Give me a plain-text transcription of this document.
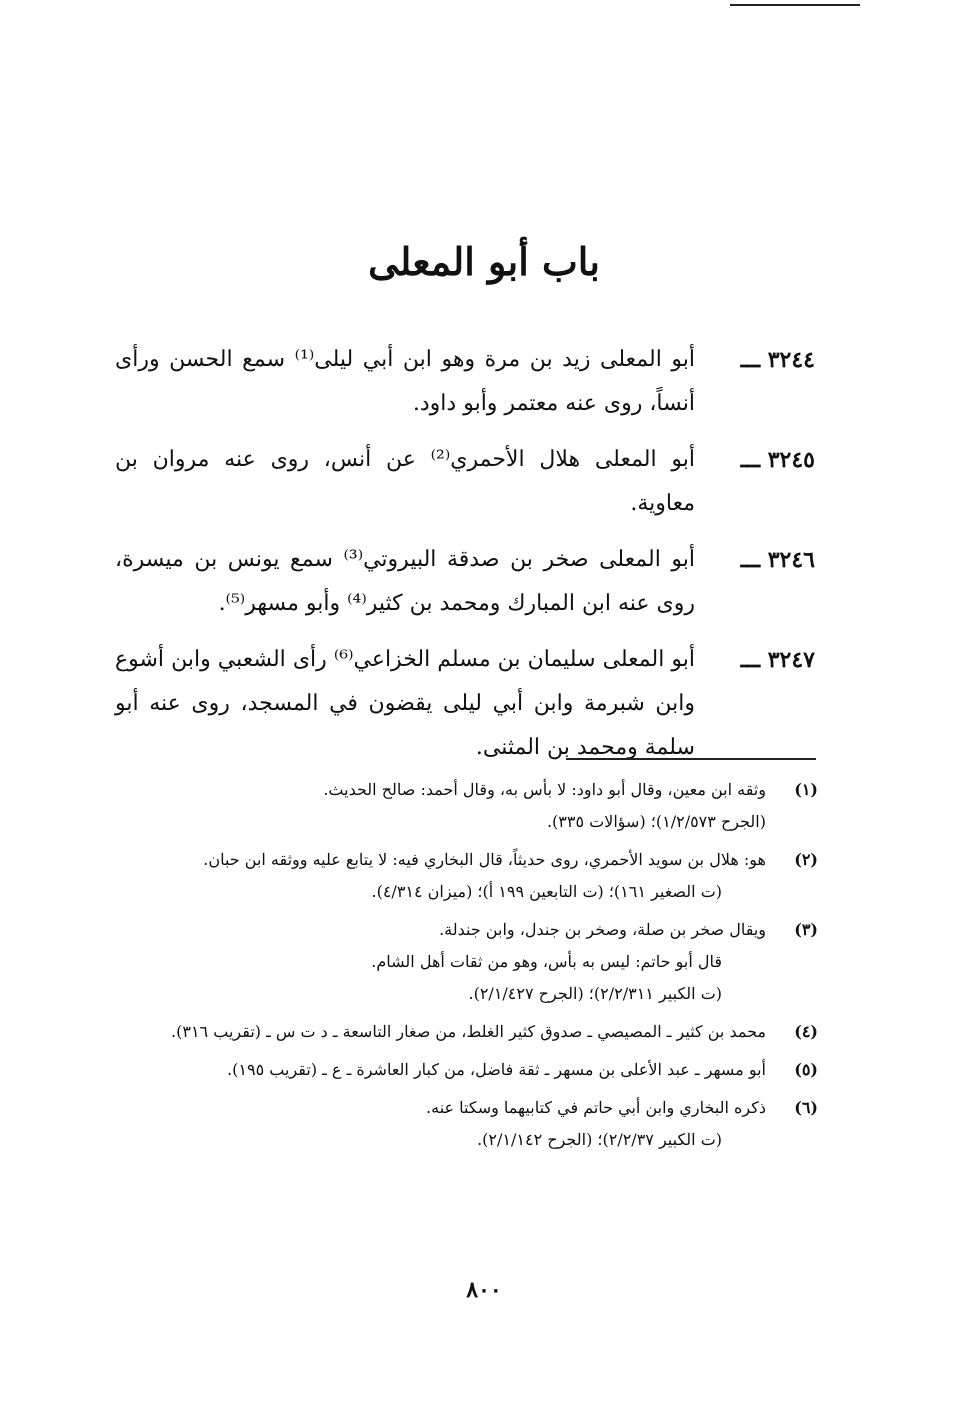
باب أبو المعلى
٣٢٤٤ ـــ
أبو المعلى زيد بن مرة وهو ابن أبي ليلى⁽¹⁾ سمع الحسن ورأى أنساً، روى عنه معتمر وأبو داود.
٣٢٤٥ ـــ
أبو المعلى هلال الأحمري⁽²⁾ عن أنس، روى عنه مروان بن معاوية.
٣٢٤٦ ـــ
أبو المعلى صخر بن صدقة البيروتي⁽³⁾ سمع يونس بن ميسرة، روى عنه ابن المبارك ومحمد بن كثير⁽⁴⁾ وأبو مسهر⁽⁵⁾.
٣٢٤٧ ـــ
أبو المعلى سليمان بن مسلم الخزاعي⁽⁶⁾ رأى الشعبي وابن أشوع وابن شبرمة وابن أبي ليلى يقضون في المسجد، روى عنه أبو سلمة ومحمد بن المثنى.
(١)
وثقه ابن معين، وقال أبو داود: لا بأس به، وقال أحمد: صالح الحديث.
(الجرح ١/٢/٥٧٣)؛ (سؤالات ٣٣٥).
(٢)
هو: هلال بن سويد الأحمري، روى حديثاً، قال البخاري فيه: لا يتابع عليه ووثقه ابن حبان.
(ت الصغير ١٦١)؛ (ت التابعين ١٩٩ أ)؛ (ميزان ٤/٣١٤).
(٣)
ويقال صخر بن صلة، وصخر بن جندل، وابن جندلة.
قال أبو حاتم: ليس به بأس، وهو من ثقات أهل الشام.
(ت الكبير ٢/٢/٣١١)؛ (الجرح ٢/١/٤٢٧).
(٤)
محمد بن كثير ـ المصيصي ـ صدوق كثير الغلط، من صغار التاسعة ـ د ت س ـ (تقريب ٣١٦).
(٥)
أبو مسهر ـ عبد الأعلى بن مسهر ـ ثقة فاضل، من كبار العاشرة ـ ع ـ (تقريب ١٩٥).
(٦)
ذكره البخاري وابن أبي حاتم في كتابيهما وسكتا عنه.
(ت الكبير ٢/٢/٣٧)؛ (الجرح ٢/١/١٤٢).
٨٠٠
